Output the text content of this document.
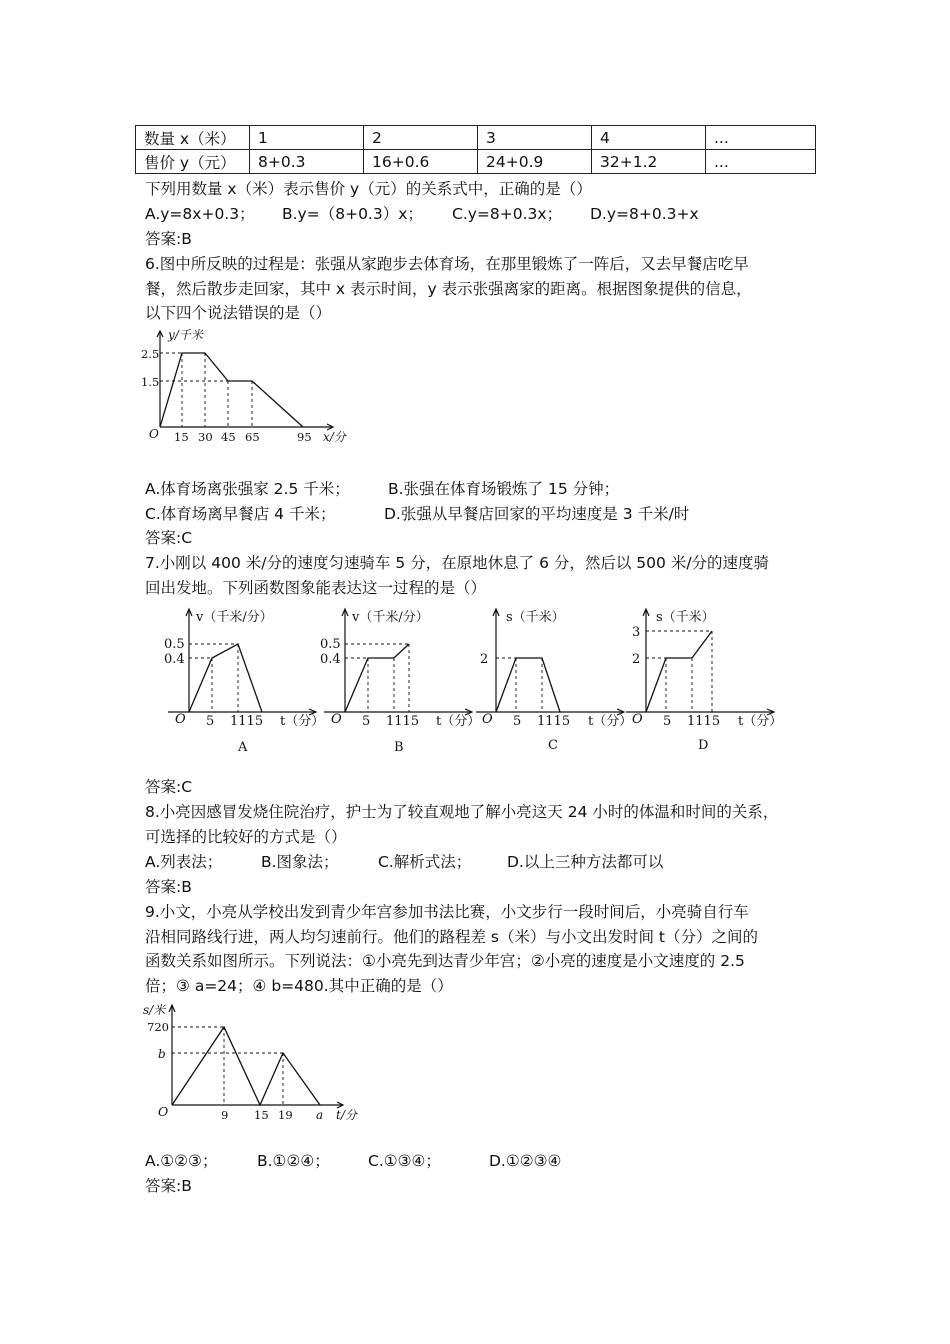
数量 x（米）	1	2	3	4	...
售价 y（元）	8+0.3	16+0.6	24+0.9	32+1.2	...
下列用数量 x（米）表示售价 y（元）的关系式中，正确的是（）
A.y=8x+0.3； B.y=（8+0.3）x； C.y=8+0.3x； D.y=8+0.3+x
答案:B
6.图中所反映的过程是：张强从家跑步去体育场，在那里锻炼了一阵后，又去早餐店吃早
餐，然后散步走回家，其中 x 表示时间，y 表示张强离家的距离。根据图象提供的信息，
以下四个说法错误的是（）
y/千米
x/分
O
2.5
1.5
15 30 45 65	95
A.体育场离张强家 2.5 千米； B.张强在体育场锻炼了 15 分钟；
C.体育场离早餐店 4 千米；	D.张强从早餐店回家的平均速度是 3 千米/时
答案:C
7.小刚以 400 米/分的速度匀速骑车 5 分，在原地休息了 6 分，然后以 500 米/分的速度骑
回出发地。下列函数图象能表达这一过程的是（）
v（千米/分）
0.5
0.4
O 5 1115 t（分）
A
v（千米/分）
0.5
0.4
O 5 1115 t（分）
B
s（千米）
2
O 5 1115 t（分）
C
s（千米）
3
2
O 5 1115 t（分）
D
答案:C
8.小亮因感冒发烧住院治疗，护士为了较直观地了解小亮这天 24 小时的体温和时间的关系，
可选择的比较好的方式是（）
A.列表法； B.图象法；	C.解析式法； D.以上三种方法都可以
答案:B
9.小文，小亮从学校出发到青少年宫参加书法比赛，小文步行一段时间后，小亮骑自行车
沿相同路线行进，两人均匀速前行。他们的路程差 s（米）与小文出发时间 t（分）之间的
函数关系如图所示。下列说法：①小亮先到达青少年宫；②小亮的速度是小文速度的 2.5
倍；③ a=24；④ b=480.其中正确的是（）
s/米
t/分
O
720
b
9 15 19 a
A.①②③；	B.①②④； C.①③④；	D.①②③④
答案:B
